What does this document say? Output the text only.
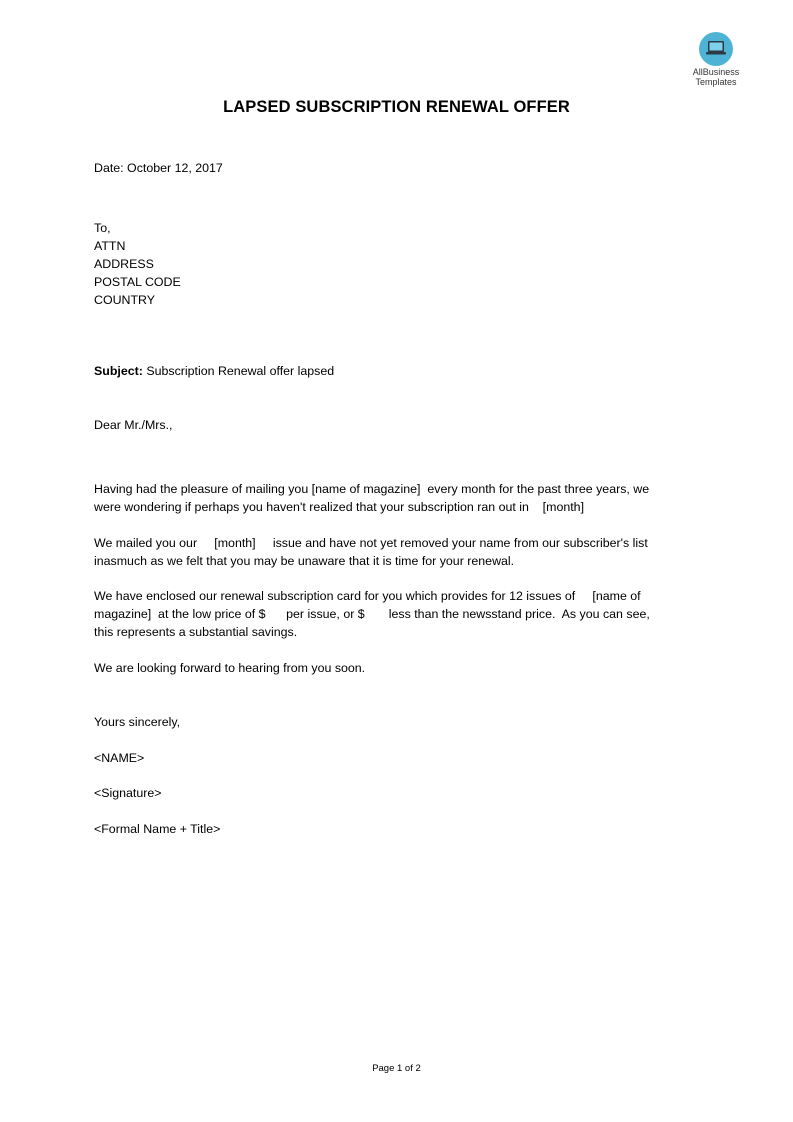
AllBusiness
Templates
LAPSED SUBSCRIPTION RENEWAL OFFER
Date: October 12, 2017
To,
ATTN
ADDRESS
POSTAL CODE
COUNTRY
Subject: Subscription Renewal offer lapsed
Dear Mr./Mrs.,
Having had the pleasure of mailing you [name of magazine]  every month for the past three years, we
were wondering if perhaps you haven't realized that your subscription ran out in    [month]
We mailed you our     [month]     issue and have not yet removed your name from our subscriber's list
inasmuch as we felt that you may be unaware that it is time for your renewal.
We have enclosed our renewal subscription card for you which provides for 12 issues of     [name of
magazine]  at the low price of $      per issue, or $       less than the newsstand price.  As you can see,
this represents a substantial savings.
We are looking forward to hearing from you soon.
Yours sincerely,
<NAME>
<Signature>
<Formal Name + Title>
Page 1 of 2
